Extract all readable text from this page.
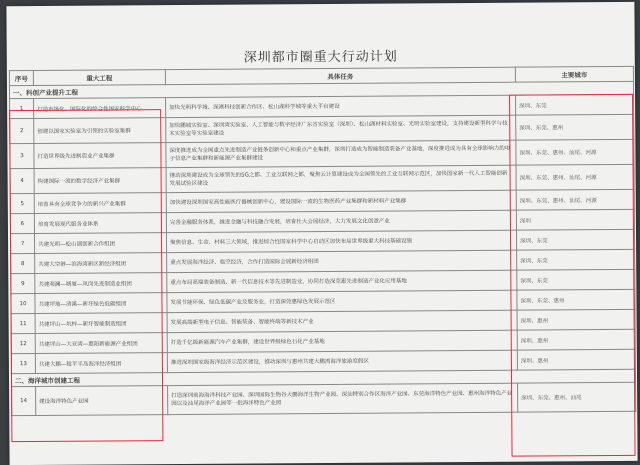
深圳都市圈重大行动计划
序号	重大工程	具体任务	主要城市
一、科创产业提升工程			
1	打造市场化、国际化的综合性国家科学中心	加快光明科学城、深港科技创新合作区、松山湖科学城等重大平台建设	深圳、东莞
2	创建以国家实验室为引领的实验室集群	加快鹏城实验室、深圳湾实验室、人工智能与数字经济广东省实验室（深圳）、松山湖材料实验室、光明实验室建设，支持建设新型科学与技术实验室等实验室建设	深圳、东莞、惠州
3	打造世界级先进制造业产业集群	深度推进成为全国重点先进制造产业链条创新中心和重点产业集群，深圳打造成为智能制造装备产业基地，深度推进成为具有全球影响力的电子信息产业集群和新能源产业集群建设	深圳、东莞、惠州、汕尾、河源
4	构建国际一流的数字经济产业集群	推动深圳建设成为全球领先的5G之都、工业互联网之都，聚焦云计算建设成为全国领先的工业互联网示范区，加快国家新一代人工智能创新发展试验区建设	深圳、东莞、惠州、汕尾、河源
5	培育具有全球竞争力的新兴产业集群	加快建设深圳国家高性能医疗器械创新中心，建设国际一流的生物医药产业集群和新材料产业集群	深圳、东莞、惠州、汕尾、河源
6	培育发展现代服务业体系	完善金融服务体系，推进金融与科技融合发展，培育壮大会展经济，大力发展文化创意产业	深圳
7	共建光明—松山湖创新合作组团	聚焦信息、生命、材料三大领域，推进综合性国家科学中心启动区加快布局世界级重大科技基础设施	深圳、东莞
8	共建大空港—滨海湾新区新经济组团	重点发展海洋经济、临空经济，合作打造国际会展新经济组团	深圳、东莞
9	共建观澜—塘厦—凤岗先进制造业组团	重点布局高端装备制造、新一代信息技术等先进制造业，协同打造深莞惠先进制造产业化应用基地	深圳、东莞
10	共建坪地—清溪—新圩绿色低碳组团	发展节能环保、绿色低碳产业及服务业，打造深莞惠绿色发展示范区	深圳、东莞、惠州
11	共建坪山—坑梓—新圩智能制造组团	发展高端新型电子信息、智能装备、智能终端等新技术产业	深圳、惠州
12	共建坪山—大亚湾—惠阳新能源产业组团	打造千亿级新能源汽车产业集群，建设世界级绿色石化产业基地	深圳、惠州
13	共建大鹏—稔平半岛海洋经济组团	推进深圳国家级海洋经济示范区建设，推动深圳与惠州共建大鹏湾海洋旅游度假区	深圳、惠州
二、海洋城市创建工程			
14	建设海洋特色产业园	打造深圳前海海洋科技产业园、深圳国际生物谷大鹏海洋生物产业园、深汕特别合作区海洋产业园、东莞海洋特色产业园、惠州海洋特色产业园以及汕尾海洋产业园等一批海洋特色产业园	深圳、东莞、惠州、汕尾
